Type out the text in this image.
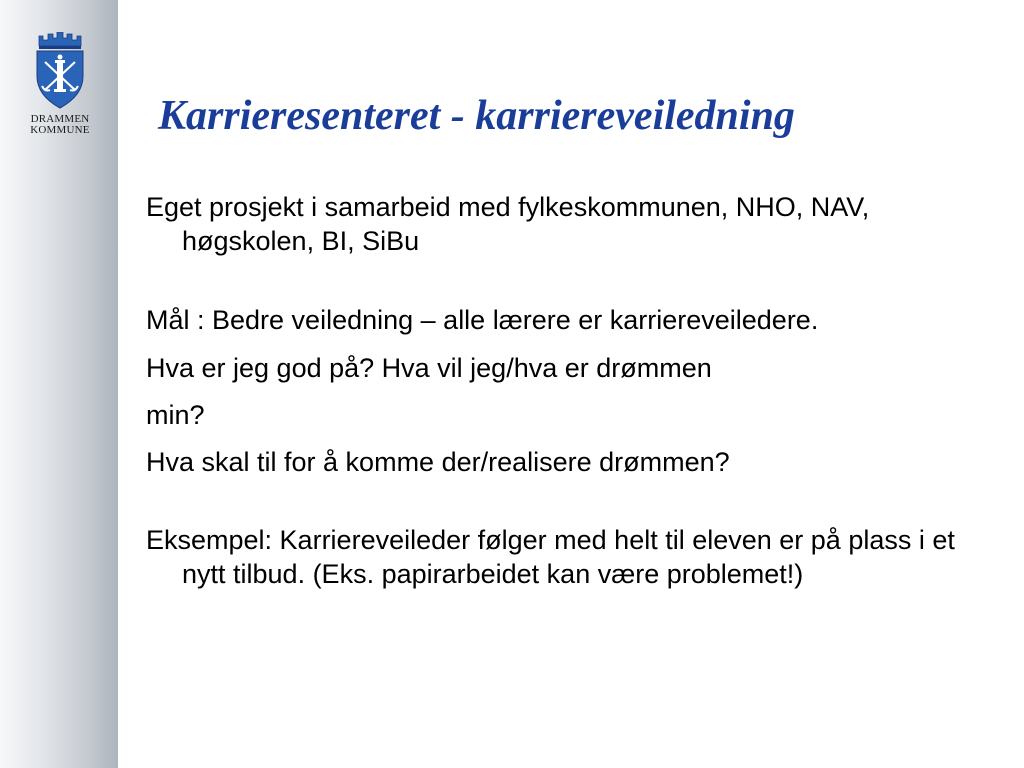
DRAMMEN
KOMMUNE Karrieresenteret - karriereveiledning

Eget prosjekt i samarbeid med fylkeskommunen, NHO, NAV, høgskolen, BI, SiBu

Mål : Bedre veiledning – alle lærere er karriereveiledere.

Hva er jeg god på? Hva vil jeg/hva er drømmen

min?

Hva skal til for å komme der/realisere drømmen?

Eksempel: Karriereveileder følger med helt til eleven er på plass i et nytt tilbud. (Eks. papirarbeidet kan være problemet!)
